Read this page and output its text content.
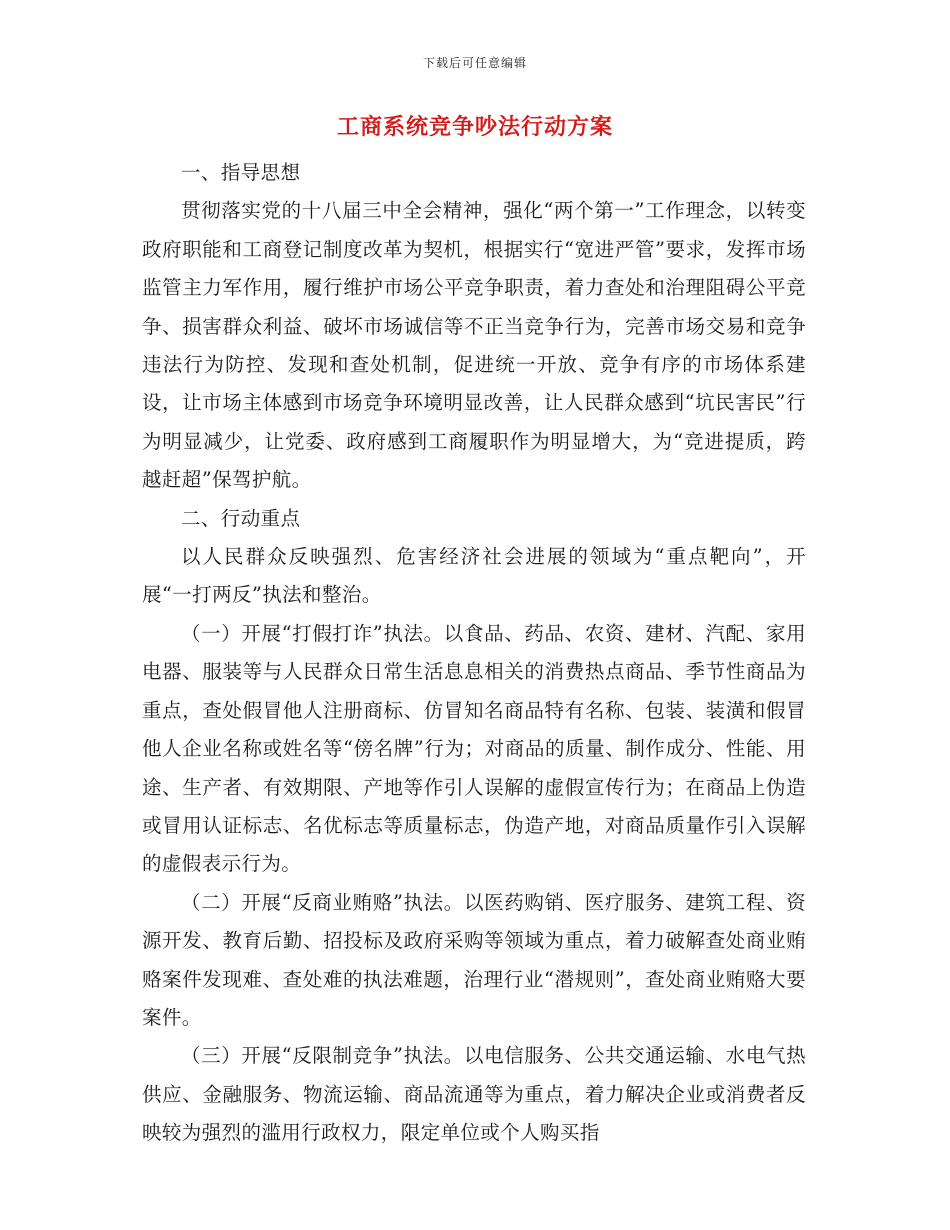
下载后可任意编辑
工商系统竞争吵法行动方案

一、指导思想

贯彻落实党的十八届三中全会精神，强化“两个第一”工作理念，以转变政府职能和工商登记制度改革为契机，根据实行“宽进严管”要求，发挥市场监管主力军作用，履行维护市场公平竞争职责，着力查处和治理阻碍公平竞争、损害群众利益、破坏市场诚信等不正当竞争行为，完善市场交易和竞争违法行为防控、发现和查处机制，促进统一开放、竞争有序的市场体系建设，让市场主体感到市场竞争环境明显改善，让人民群众感到“坑民害民”行为明显减少，让党委、政府感到工商履职作为明显增大，为“竞进提质，跨越赶超”保驾护航。

二、行动重点

以人民群众反映强烈、危害经济社会进展的领域为“重点靶向”，开展“一打两反”执法和整治。

（一）开展“打假打诈”执法。以食品、药品、农资、建材、汽配、家用电器、服装等与人民群众日常生活息息相关的消费热点商品、季节性商品为重点，查处假冒他人注册商标、仿冒知名商品特有名称、包装、装潢和假冒他人企业名称或姓名等“傍名牌”行为；对商品的质量、制作成分、性能、用途、生产者、有效期限、产地等作引人误解的虚假宣传行为；在商品上伪造或冒用认证标志、名优标志等质量标志，伪造产地，对商品质量作引入误解的虚假表示行为。

（二）开展“反商业贿赂”执法。以医药购销、医疗服务、建筑工程、资源开发、教育后勤、招投标及政府采购等领域为重点，着力破解查处商业贿赂案件发现难、查处难的执法难题，治理行业“潜规则”，查处商业贿赂大要案件。

（三）开展“反限制竞争”执法。以电信服务、公共交通运输、水电气热供应、金融服务、物流运输、商品流通等为重点，着力解决企业或消费者反映较为强烈的滥用行政权力，限定单位或个人购买指
